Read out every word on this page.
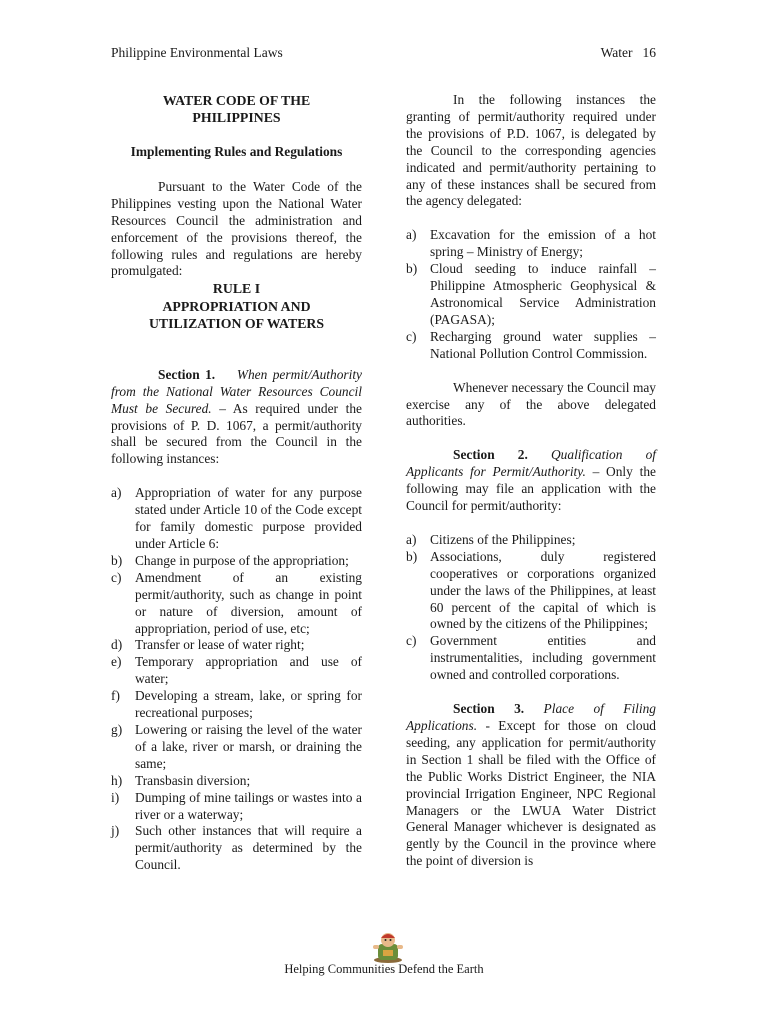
Philippine Environmental Laws	Water 16
WATER CODE OF THE
PHILIPPINES
Implementing Rules and Regulations

Pursuant to the Water Code of the Philippines vesting upon the National Water Resources Council the administration and enforcement of the provisions thereof, the following rules and regulations are hereby promulgated:

RULE I
APPROPRIATION AND
UTILIZATION OF WATERS

Section 1. When permit/Authority from the National Water Resources Council Must be Secured. – As required under the provisions of P. D. 1067, a permit/authority shall be secured from the Council in the following instances:

a) Appropriation of water for any purpose stated under Article 10 of the Code except for family domestic purpose provided under Article 6:
b) Change in purpose of the appropriation;
c) Amendment of an existing permit/authority, such as change in point or nature of diversion, amount of appropriation, period of use, etc;
d) Transfer or lease of water right;
e) Temporary appropriation and use of water;
f) Developing a stream, lake, or spring for recreational purposes;
g) Lowering or raising the level of the water of a lake, river or marsh, or draining the same;
h) Transbasin diversion;
i) Dumping of mine tailings or wastes into a river or a waterway;
j) Such other instances that will require a permit/authority as determined by the Council.

In the following instances the granting of permit/authority required under the provisions of P.D. 1067, is delegated by the Council to the corresponding agencies indicated and permit/authority pertaining to any of these instances shall be secured from the agency delegated:

a) Excavation for the emission of a hot spring – Ministry of Energy;
b) Cloud seeding to induce rainfall – Philippine Atmospheric Geophysical & Astronomical Service Administration (PAGASA);
c) Recharging ground water supplies – National Pollution Control Commission.

Whenever necessary the Council may exercise any of the above delegated authorities.

Section 2. Qualification of Applicants for Permit/Authority. – Only the following may file an application with the Council for permit/authority:

a) Citizens of the Philippines;
b) Associations, duly registered cooperatives or corporations organized under the laws of the Philippines, at least 60 percent of the capital of which is owned by the citizens of the Philippines;
c) Government entities and instrumentalities, including government owned and controlled corporations.

Section 3. Place of Filing Applications. - Except for those on cloud seeding, any application for permit/authority in Section 1 shall be filed with the Office of the Public Works District Engineer, the NIA provincial Irrigation Engineer, NPC Regional Managers or the LWUA Water District General Manager whichever is designated as gently by the Council in the province where the point of diversion is

Helping Communities Defend the Earth
